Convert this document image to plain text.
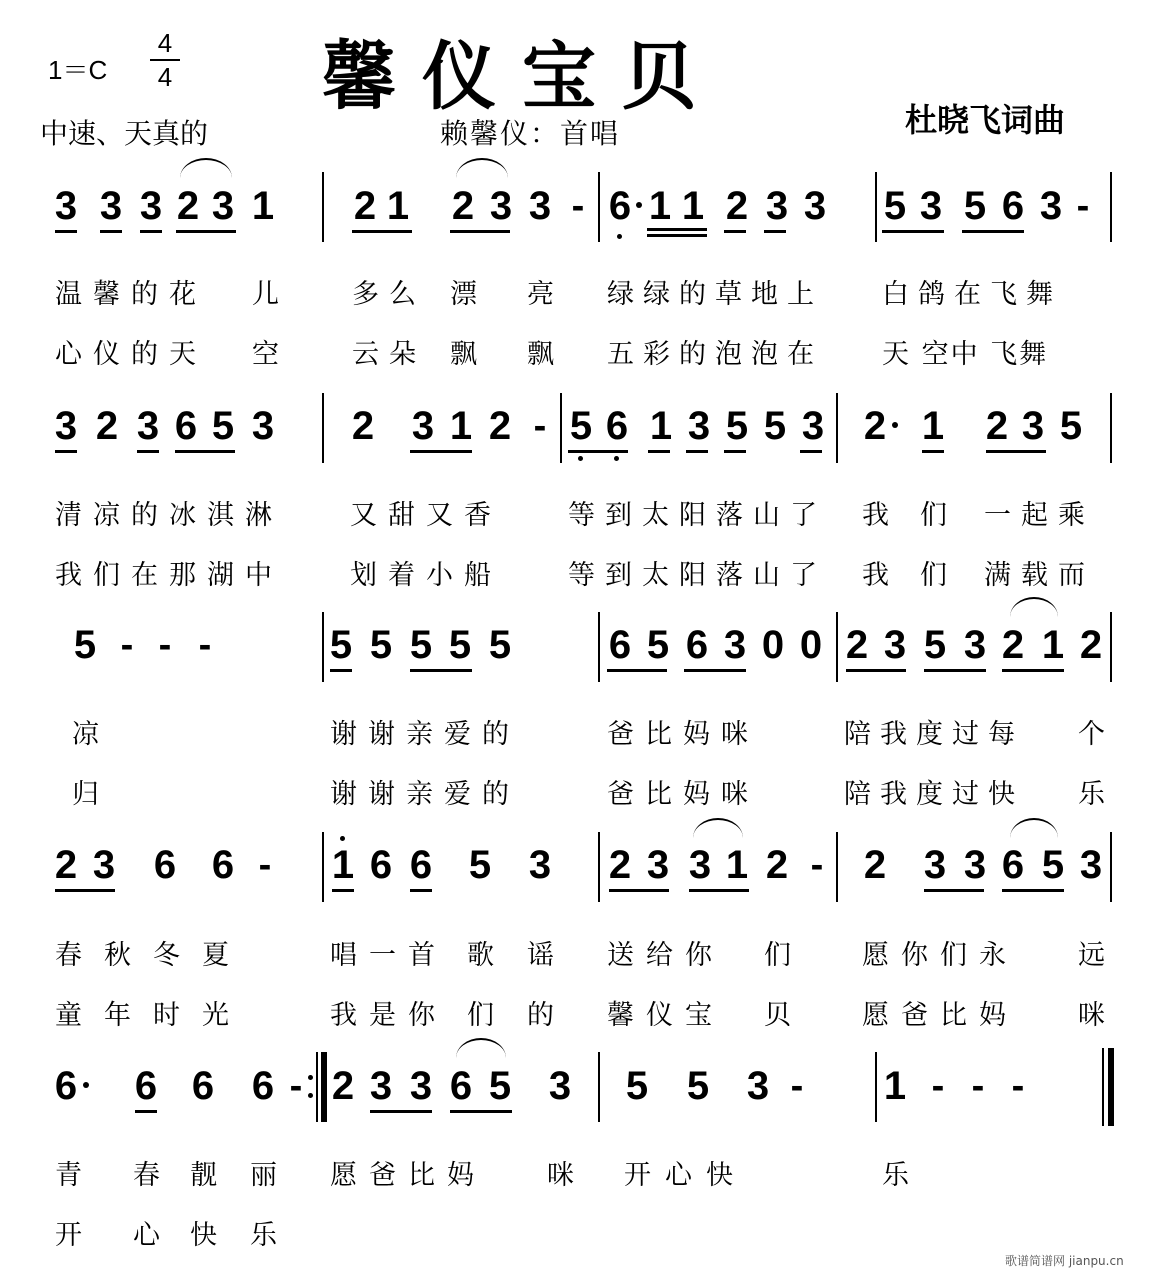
1＝C
4
4 馨仪宝贝
中速、天真的	赖馨仪：首唱	杜晓飞词曲
3 3 3 2 3 1 2 1 2 3 3 - 6 1 1 2 3 3 5 3 5 6 3 -
温馨的花 儿	多么 漂 亮 绿绿的草地上 白鸽在飞舞
心仪的天 空	云朵 飘 飘 五彩的泡泡在 天 空中 飞舞
3 2 3 6 5 3 2 3 1 2 - 5 6 1 3 5 5 3 2 1 2 3 5
清凉的冰淇淋 又甜又香 等到太阳落山了 我 们 一起乘
我们在那湖中 划着小船 等到太阳落山了 我 们 满载而
5 - - -	5 5 5 5 5 6 5 6 3 0 0 2 3 5 3 2 1 2
凉	谢谢亲爱的	爸比妈咪	陪我度过每 个
归	谢谢亲爱的	爸比妈咪	陪我度过快 乐
2 3 6 6 - 1 6 6 5 3 2 3 3 1 2 - 2 3 3 6 5 3
春秋冬夏	唱一首 歌 谣 送给你 们	愿你们永 远
童年时光	我是你 们 的 馨仪宝 贝	愿爸比妈 咪
6 6 6 6 - 2 3 3 6 5 3 5 5 3 - 1 - - -
青 春 靓 丽 愿爸比妈 咪 开心快	乐
开 心 快 乐
歌谱简谱网 jianpu.cn
